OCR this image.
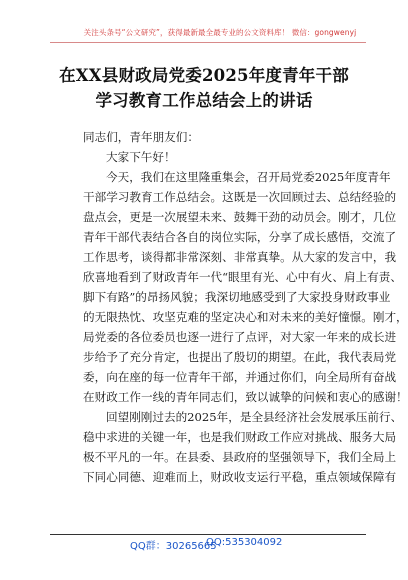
关注头条号“公文研究”，获得最新最全最专业的公文资料库！ 微信：gongwenyj
在XX县财政局党委2025年度青年干部
学习教育工作总结会上的讲话
同志们，青年朋友们：
大家下午好！
今天，我们在这里隆重集会，召开局党委2025年度青年
干部学习教育工作总结会。这既是一次回顾过去、总结经验的
盘点会，更是一次展望未来、鼓舞干劲的动员会。刚才，几位
青年干部代表结合各自的岗位实际，分享了成长感悟，交流了
工作思考，谈得都非常深刻、非常真挚。从大家的发言中，我
欣喜地看到了财政青年一代“眼里有光、心中有火、肩上有责、
脚下有路”的昂扬风貌；我深切地感受到了大家投身财政事业
的无限热忱、攻坚克难的坚定决心和对未来的美好憧憬。刚才，
局党委的各位委员也逐一进行了点评，对大家一年来的成长进
步给予了充分肯定，也提出了殷切的期望。在此，我代表局党
委，向在座的每一位青年干部，并通过你们，向全局所有奋战
在财政工作一线的青年同志们，致以诚挚的问候和衷心的感谢！
回望刚刚过去的2025年，是全县经济社会发展承压前行、
稳中求进的关键一年，也是我们财政工作应对挑战、服务大局
极不平凡的一年。在县委、县政府的坚强领导下，我们全局上
下同心同德、迎难而上，财政收支运行平稳，重点领域保障有
QQ群：30265665
QQ:535304092
